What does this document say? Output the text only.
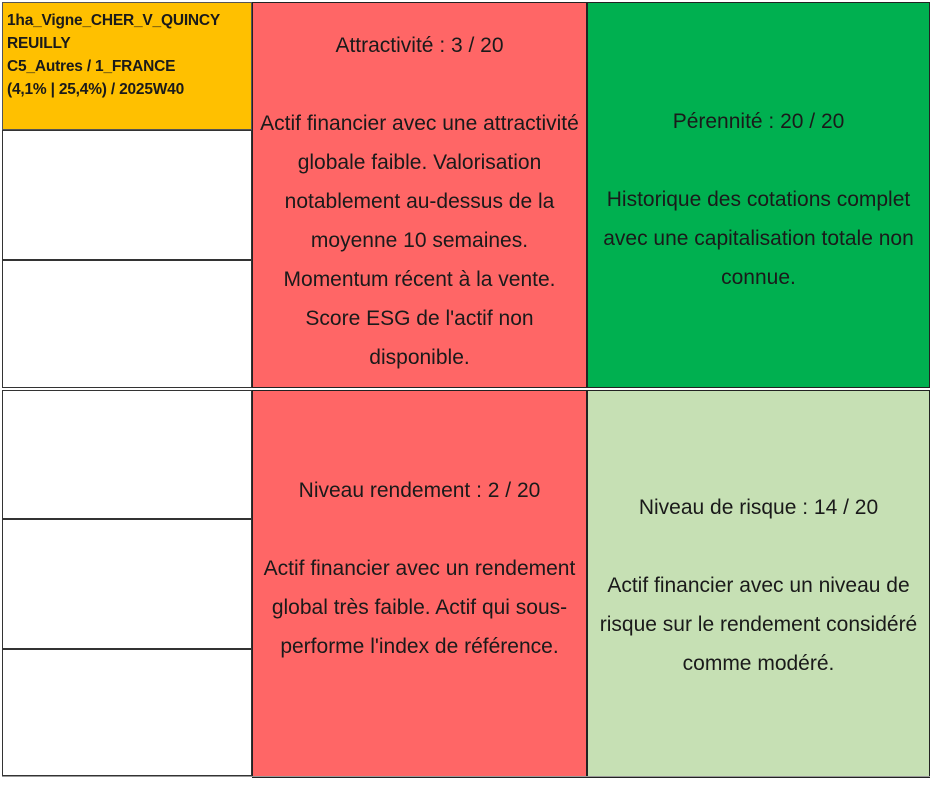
1ha_Vigne_CHER_V_QUINCY
REUILLY
C5_Autres / 1_FRANCE
(4,1% | 25,4%) / 2025W40
Attractivité : 3 / 20
Actif financier avec une attractivité globale faible. Valorisation notablement au-dessus de la moyenne 10 semaines. Momentum récent à la vente. Score ESG de l'actif non disponible.
Pérennité : 20 / 20
Historique des cotations complet avec une capitalisation totale non connue.
Niveau rendement : 2 / 20
Actif financier avec un rendement global très faible. Actif qui sous-performe l'index de référence.
Niveau de risque : 14 / 20
Actif financier avec un niveau de risque sur le rendement considéré comme modéré.
